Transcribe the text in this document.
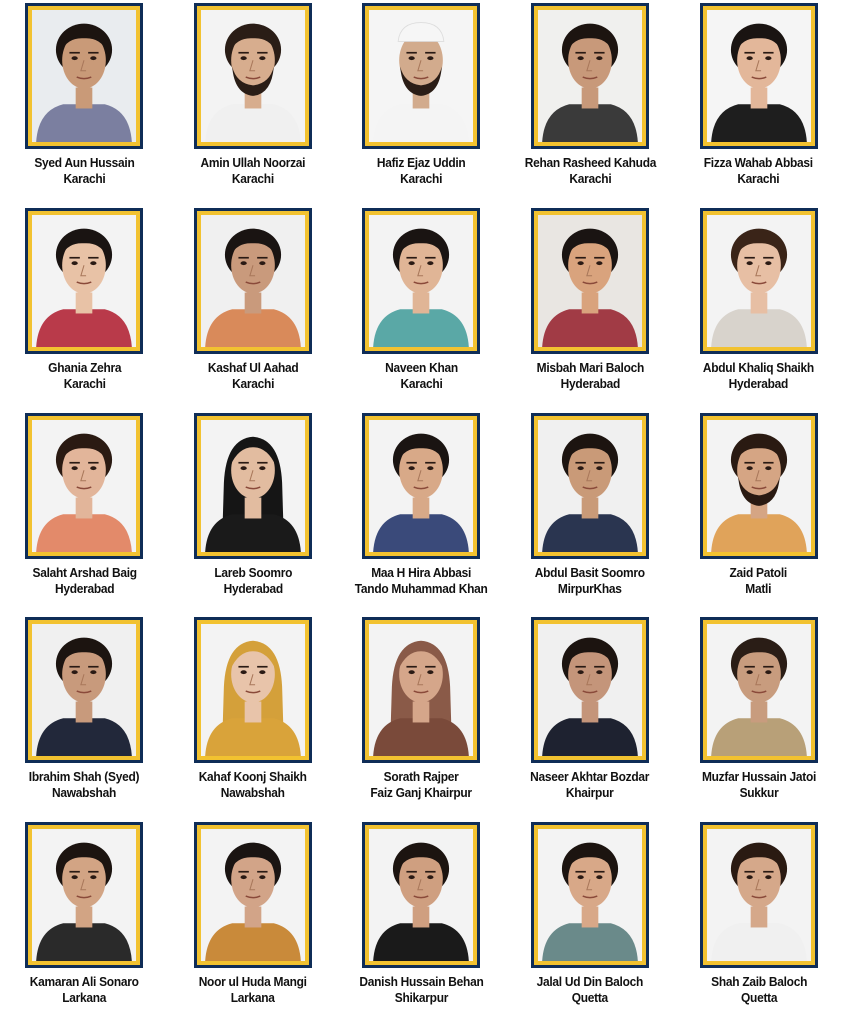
Syed Aun Hussain
Karachi
Amin Ullah Noorzai
Karachi
Hafiz Ejaz Uddin
Karachi
Rehan Rasheed Kahuda
Karachi
Fizza Wahab Abbasi
Karachi
Ghania Zehra
Karachi
Kashaf Ul Aahad
Karachi
Naveen Khan
Karachi
Misbah Mari Baloch
Hyderabad
Abdul Khaliq Shaikh
Hyderabad
Salaht Arshad Baig
Hyderabad
Lareb Soomro
Hyderabad
Maa H Hira Abbasi
Tando Muhammad Khan
Abdul Basit Soomro
MirpurKhas
Zaid Patoli
Matli
Ibrahim Shah (Syed)
Nawabshah
Kahaf Koonj Shaikh
Nawabshah
Sorath Rajper
Faiz Ganj Khairpur
Naseer Akhtar Bozdar
Khairpur
Muzfar Hussain Jatoi
Sukkur
Kamaran Ali Sonaro
Larkana
Noor ul Huda Mangi
Larkana
Danish Hussain Behan
Shikarpur
Jalal Ud Din Baloch
Quetta
Shah Zaib Baloch
Quetta
